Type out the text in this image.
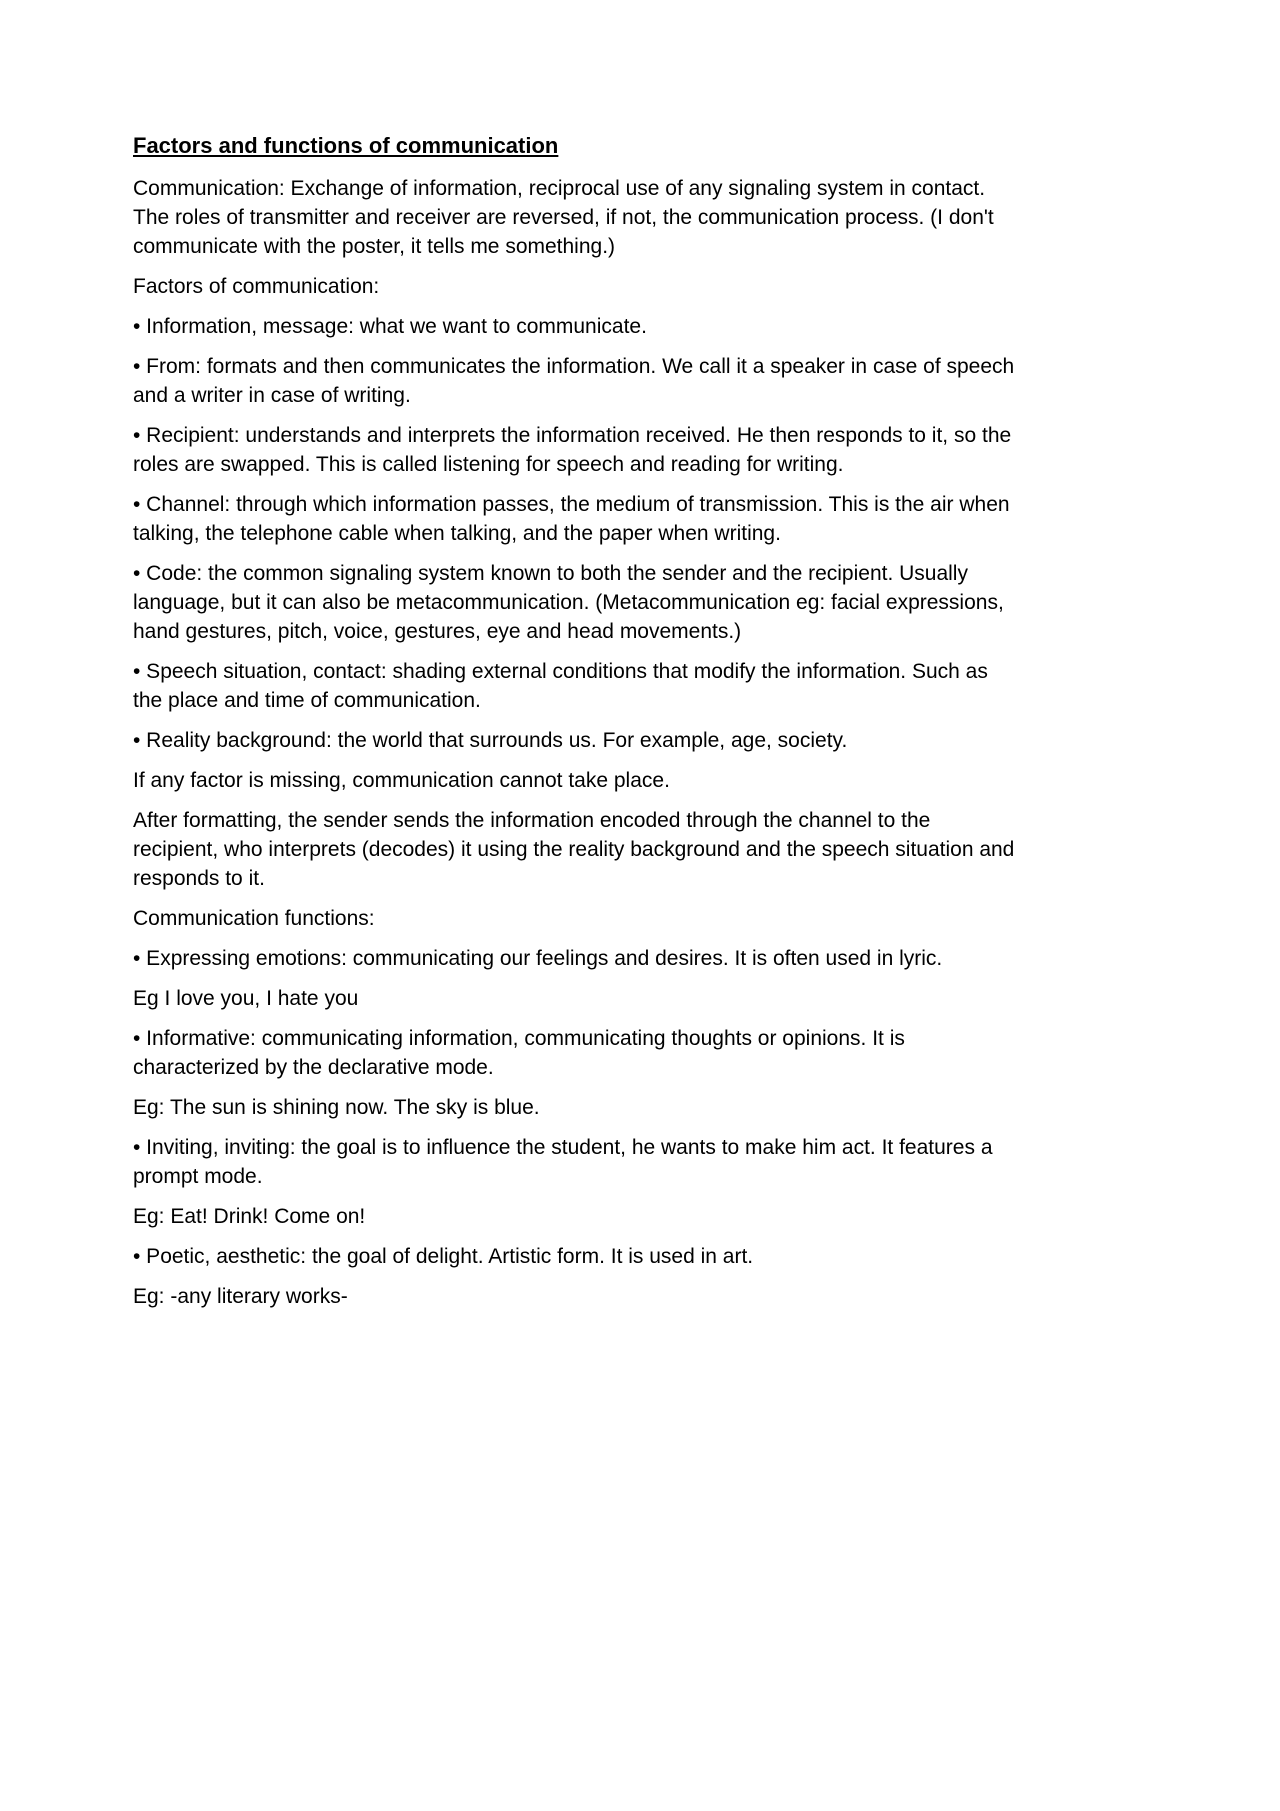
Factors and functions of communication

Communication: Exchange of information, reciprocal use of any signaling system in contact. The roles of transmitter and receiver are reversed, if not, the communication process. (I don't communicate with the poster, it tells me something.)

Factors of communication:

• Information, message: what we want to communicate.

• From: formats and then communicates the information. We call it a speaker in case of speech and a writer in case of writing.

• Recipient: understands and interprets the information received. He then responds to it, so the roles are swapped. This is called listening for speech and reading for writing.

• Channel: through which information passes, the medium of transmission. This is the air when talking, the telephone cable when talking, and the paper when writing.

• Code: the common signaling system known to both the sender and the recipient. Usually language, but it can also be metacommunication. (Metacommunication eg: facial expressions, hand gestures, pitch, voice, gestures, eye and head movements.)

• Speech situation, contact: shading external conditions that modify the information. Such as the place and time of communication.

• Reality background: the world that surrounds us. For example, age, society.

If any factor is missing, communication cannot take place.

After formatting, the sender sends the information encoded through the channel to the recipient, who interprets (decodes) it using the reality background and the speech situation and responds to it.

Communication functions:

• Expressing emotions: communicating our feelings and desires. It is often used in lyric.

Eg I love you, I hate you

• Informative: communicating information, communicating thoughts or opinions. It is characterized by the declarative mode.

Eg: The sun is shining now. The sky is blue.

• Inviting, inviting: the goal is to influence the student, he wants to make him act. It features a prompt mode.

Eg: Eat! Drink! Come on!

• Poetic, aesthetic: the goal of delight. Artistic form. It is used in art.

Eg: -any literary works-
